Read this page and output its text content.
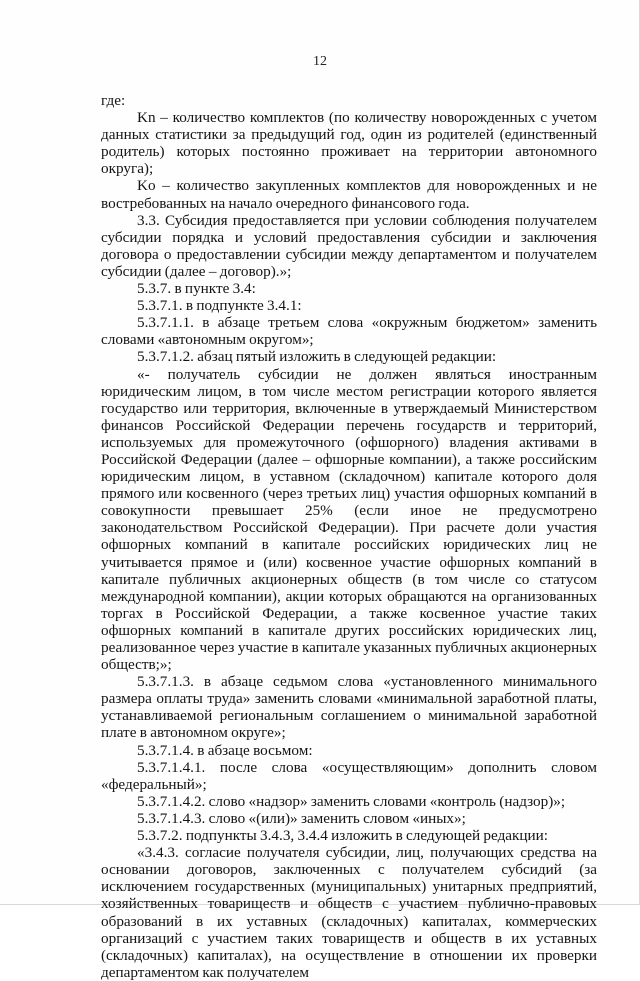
12

где:

Kn – количество комплектов (по количеству новорожденных с учетом данных статистики за предыдущий год, один из родителей (единственный родитель) которых постоянно проживает на территории автономного округа);

Ko – количество закупленных комплектов для новорожденных и не востребованных на начало очередного финансового года.

3.3. Субсидия предоставляется при условии соблюдения получателем субсидии порядка и условий предоставления субсидии и заключения договора о предоставлении субсидии между департаментом и получателем субсидии (далее – договор).»;

5.3.7. в пункте 3.4:

5.3.7.1. в подпункте 3.4.1:

5.3.7.1.1. в абзаце третьем слова «окружным бюджетом» заменить словами «автономным округом»;

5.3.7.1.2. абзац пятый изложить в следующей редакции:

«- получатель субсидии не должен являться иностранным юридическим лицом, в том числе местом регистрации которого является государство или территория, включенные в утверждаемый Министерством финансов Российской Федерации перечень государств и территорий, используемых для промежуточного (офшорного) владения активами в Российской Федерации (далее – офшорные компании), а также российским юридическим лицом, в уставном (складочном) капитале которого доля прямого или косвенного (через третьих лиц) участия офшорных компаний в совокупности превышает 25% (если иное не предусмотрено законодательством Российской Федерации). При расчете доли участия офшорных компаний в капитале российских юридических лиц не учитывается прямое и (или) косвенное участие офшорных компаний в капитале публичных акционерных обществ (в том числе со статусом международной компании), акции которых обращаются на организованных торгах в Российской Федерации, а также косвенное участие таких офшорных компаний в капитале других российских юридических лиц, реализованное через участие в капитале указанных публичных акционерных обществ;»;

5.3.7.1.3. в абзаце седьмом слова «установленного минимального размера оплаты труда» заменить словами «минимальной заработной платы, устанавливаемой региональным соглашением о минимальной заработной плате в автономном округе»;

5.3.7.1.4. в абзаце восьмом:

5.3.7.1.4.1. после слова «осуществляющим» дополнить словом «федеральный»;

5.3.7.1.4.2. слово «надзор» заменить словами «контроль (надзор)»;

5.3.7.1.4.3. слово «(или)» заменить словом «иных»;

5.3.7.2. подпункты 3.4.3, 3.4.4 изложить в следующей редакции:

«3.4.3. согласие получателя субсидии, лиц, получающих средства на основании договоров, заключенных с получателем субсидий (за исключением государственных (муниципальных) унитарных предприятий, хозяйственных товариществ и обществ с участием публично-правовых образований в их уставных (складочных) капиталах, коммерческих организаций с участием таких товариществ и обществ в их уставных (складочных) капиталах), на осуществление в отношении их проверки департаментом как получателем
